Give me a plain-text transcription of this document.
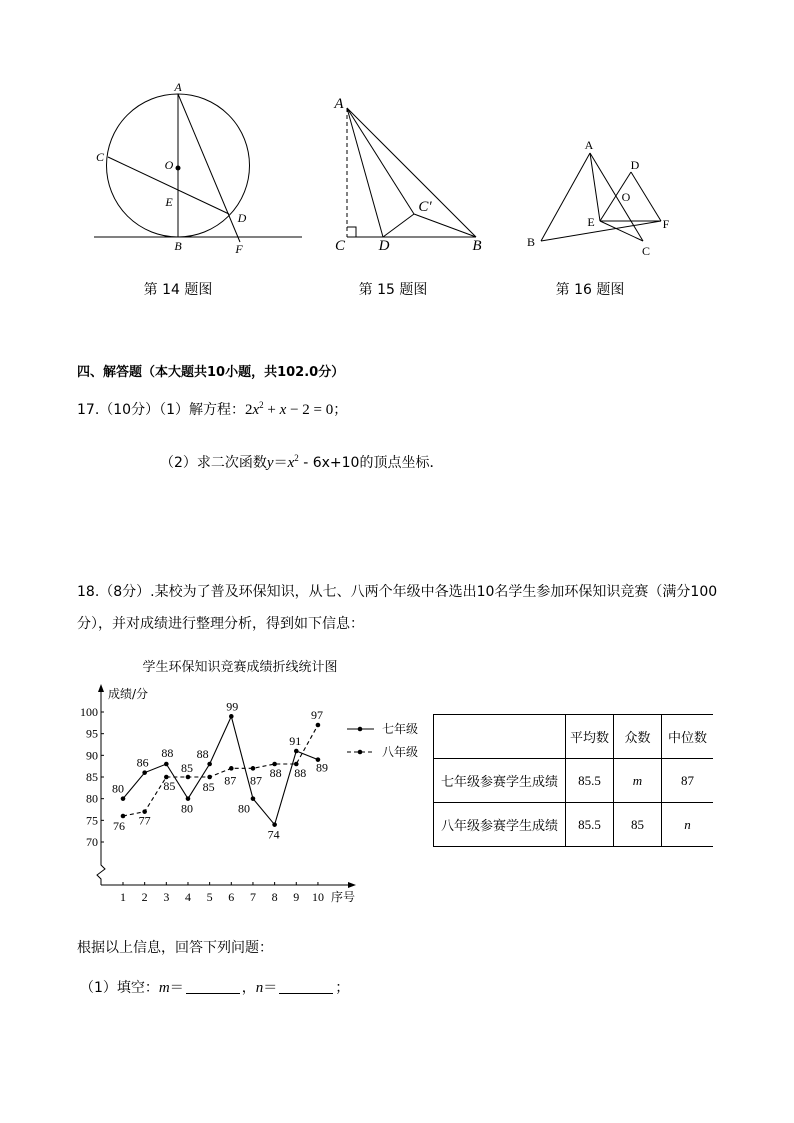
A
C
O
E
D
B	F
A
C′
C D	B
A
D
O
E	F
B
C
第 14 题图	第 15 题图	第 16 题图
四、解答题（本大题共10小题，共102.0分）
17.（10分）（1）解方程：$2x^2 + x - 2 = 0$；
（2）求二次函数$y=x^2 - 6x+10$的顶点坐标．
18.（8分）.某校为了普及环保知识，从七、八两个年级中各选出10名学生参加环保知识竞赛（满分100
分），并对成绩进行整理分析，得到如下信息：
学生环保知识竞赛成绩折线统计图
70
75
80
85
90
95
100
1 2 3 4 5 6 7 8 9 10
80
86
88
80
88
99
80
74
91
89
七年级
76 77
85
85
85 87 87
88 88
97
八年级
成绩/分
序号
	平均数	众数	中位数
七年级参赛学生成绩	85.5	m	87
八年级参赛学生成绩	85.5	85	n
根据以上信息，回答下列问题：
（1）填空：m＝	，n＝	；
